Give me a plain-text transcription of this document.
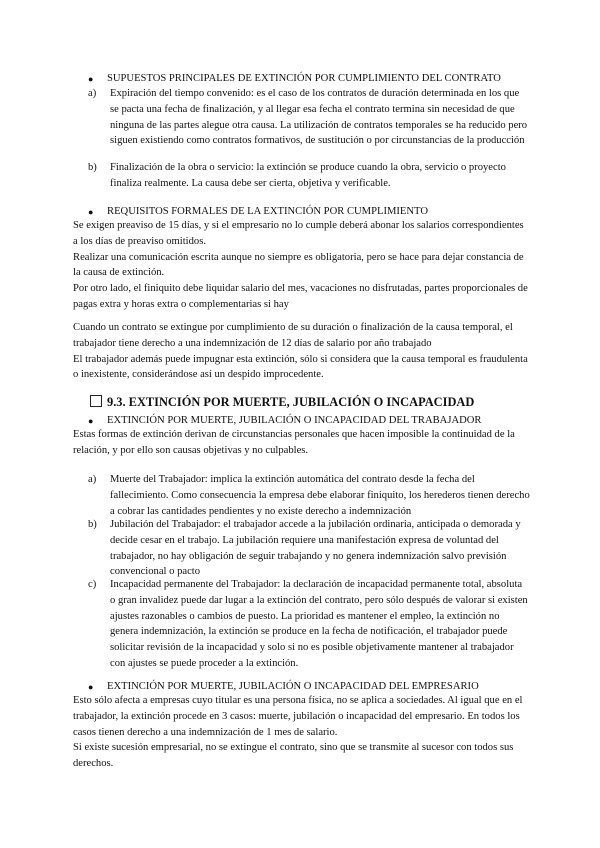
● SUPUESTOS PRINCIPALES DE EXTINCIÓN POR CUMPLIMIENTO DEL CONTRATO
a) Expiración del tiempo convenido: es el caso de los contratos de duración determinada en los que se pacta una fecha de finalización, y al llegar esa fecha el contrato termina sin necesidad de que ninguna de las partes alegue otra causa. La utilización de contratos temporales se ha reducido pero siguen existiendo como contratos formativos, de sustitución o por circunstancias de la producción

b) Finalización de la obra o servicio: la extinción se produce cuando la obra, servicio o proyecto finaliza realmente. La causa debe ser cierta, objetiva y verificable.

● REQUISITOS FORMALES DE LA EXTINCIÓN POR CUMPLIMIENTO

Se exigen preaviso de 15 días, y si el empresario no lo cumple deberá abonar los salarios correspondientes a los días de preaviso omitidos.

Realizar una comunicación escrita aunque no siempre es obligatoria, pero se hace para dejar constancia de la causa de extinción.

Por otro lado, el finiquito debe liquidar salario del mes, vacaciones no disfrutadas, partes proporcionales de pagas extra y horas extra o complementarias si hay

Cuando un contrato se extingue por cumplimiento de su duración o finalización de la causa temporal, el trabajador tiene derecho a una indemnización de 12 días de salario por año trabajado

El trabajador además puede impugnar esta extinción, sólo si considera que la causa temporal es fraudulenta o inexistente, considerándose así un despido improcedente.

9.3. EXTINCIÓN POR MUERTE, JUBILACIÓN O INCAPACIDAD
● EXTINCIÓN POR MUERTE, JUBILACIÓN O INCAPACIDAD DEL TRABAJADOR

Estas formas de extinción derivan de circunstancias personales que hacen imposible la continuidad de la relación, y por ello son causas objetivas y no culpables.

a) Muerte del Trabajador: implica la extinción automática del contrato desde la fecha del fallecimiento. Como consecuencia la empresa debe elaborar finiquito, los herederos tienen derecho a cobrar las cantidades pendientes y no existe derecho a indemnización

b) Jubilación del Trabajador: el trabajador accede a la jubilación ordinaria, anticipada o demorada y decide cesar en el trabajo. La jubilación requiere una manifestación expresa de voluntad del trabajador, no hay obligación de seguir trabajando y no genera indemnización salvo previsión convencional o pacto

c) Incapacidad permanente del Trabajador: la declaración de incapacidad permanente total, absoluta o gran invalidez puede dar lugar a la extinción del contrato, pero sólo después de valorar si existen ajustes razonables o cambios de puesto. La prioridad es mantener el empleo, la extinción no genera indemnización, la extinción se produce en la fecha de notificación, el trabajador puede solicitar revisión de la incapacidad y solo si no es posible objetivamente mantener al trabajador con ajustes se puede proceder a la extinción.

● EXTINCIÓN POR MUERTE, JUBILACIÓN O INCAPACIDAD DEL EMPRESARIO

Esto sólo afecta a empresas cuyo titular es una persona física, no se aplica a sociedades. Al igual que en el trabajador, la extinción procede en 3 casos: muerte, jubilación o incapacidad del empresario. En todos los casos tienen derecho a una indemnización de 1 mes de salario.

Si existe sucesión empresarial, no se extingue el contrato, sino que se transmite al sucesor con todos sus derechos.
